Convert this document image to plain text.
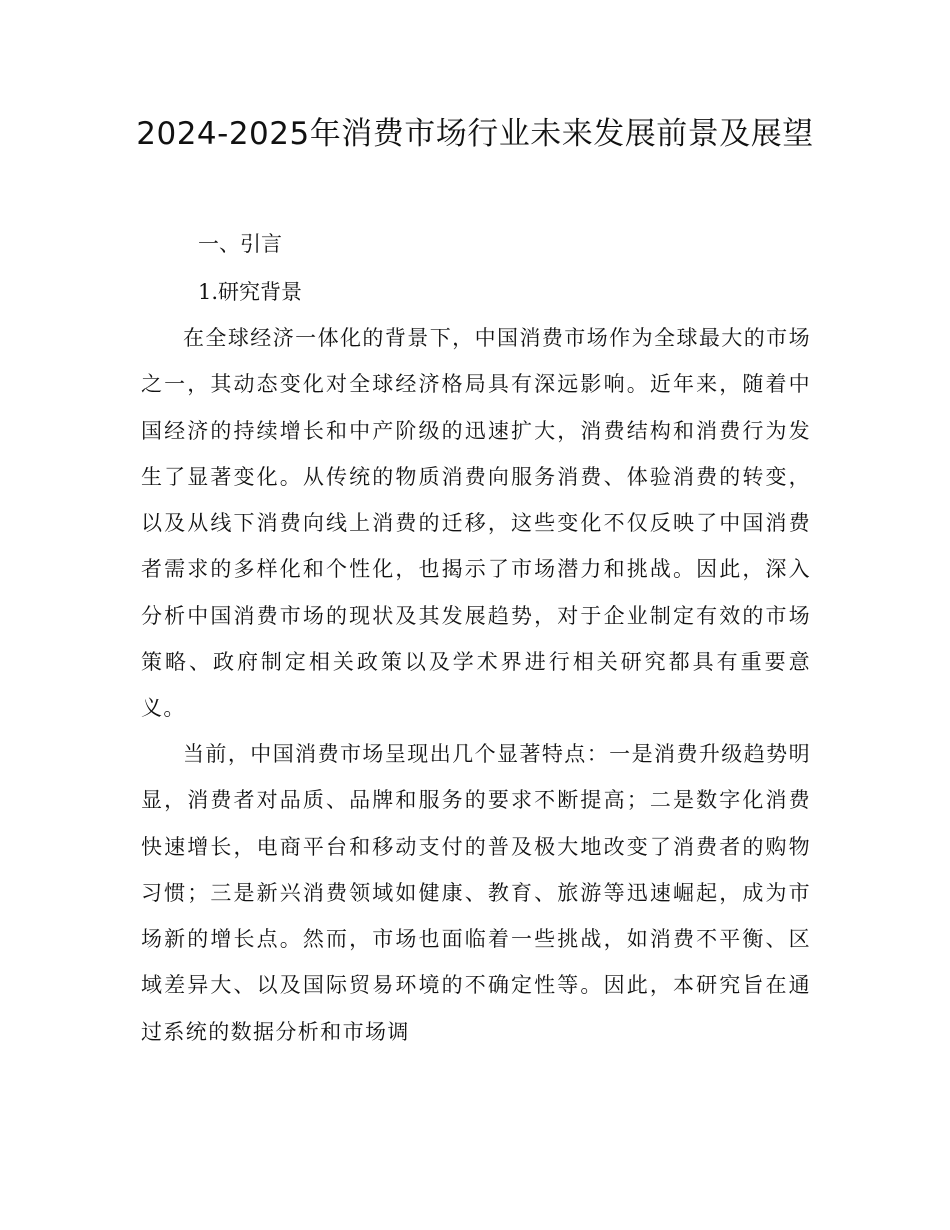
2024-2025年消费市场行业未来发展前景及展望
一、引言
1.研究背景

在全球经济一体化的背景下，中国消费市场作为全球最大的市场之一，其动态变化对全球经济格局具有深远影响。近年来，随着中国经济的持续增长和中产阶级的迅速扩大，消费结构和消费行为发生了显著变化。从传统的物质消费向服务消费、体验消费的转变，以及从线下消费向线上消费的迁移，这些变化不仅反映了中国消费者需求的多样化和个性化，也揭示了市场潜力和挑战。因此，深入分析中国消费市场的现状及其发展趋势，对于企业制定有效的市场策略、政府制定相关政策以及学术界进行相关研究都具有重要意义。

当前，中国消费市场呈现出几个显著特点：一是消费升级趋势明显，消费者对品质、品牌和服务的要求不断提高；二是数字化消费快速增长，电商平台和移动支付的普及极大地改变了消费者的购物习惯；三是新兴消费领域如健康、教育、旅游等迅速崛起，成为市场新的增长点。然而，市场也面临着一些挑战，如消费不平衡、区域差异大、以及国际贸易环境的不确定性等。因此，本研究旨在通过系统的数据分析和市场调
